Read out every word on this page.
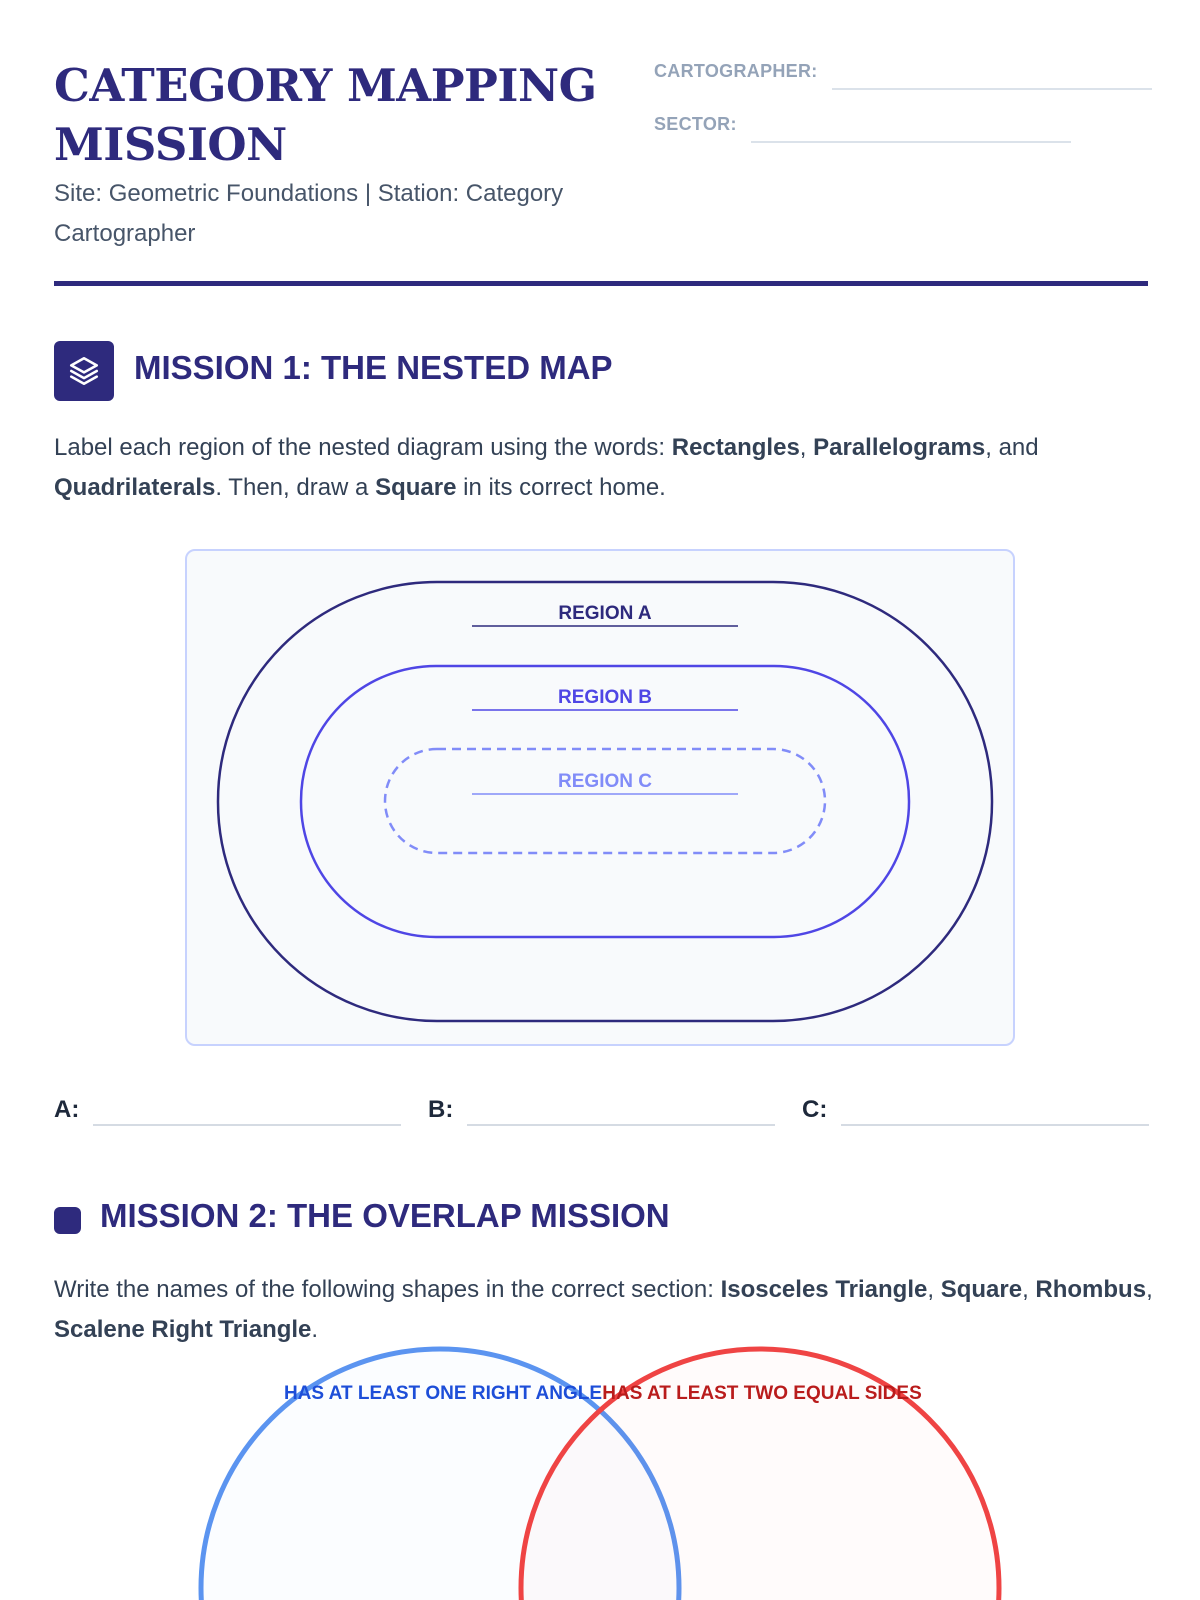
CATEGORY MAPPING MISSION

Site: Geometric Foundations | Station: Category Cartographer

CARTOGRAPHER:
SECTOR:
MISSION 1: THE NESTED MAP

Label each region of the nested diagram using the words: Rectangles, Parallelograms, and Quadrilaterals. Then, draw a Square in its correct home.

REGION A
REGION B
REGION C
A:	B:	C:
MISSION 2: THE OVERLAP MISSION

Write the names of the following shapes in the correct section: Isosceles Triangle, Square, Rhombus, Scalene Right Triangle.

HAS AT LEAST ONE RIGHT ANGLE HAS AT LEAST TWO EQUAL SIDES
